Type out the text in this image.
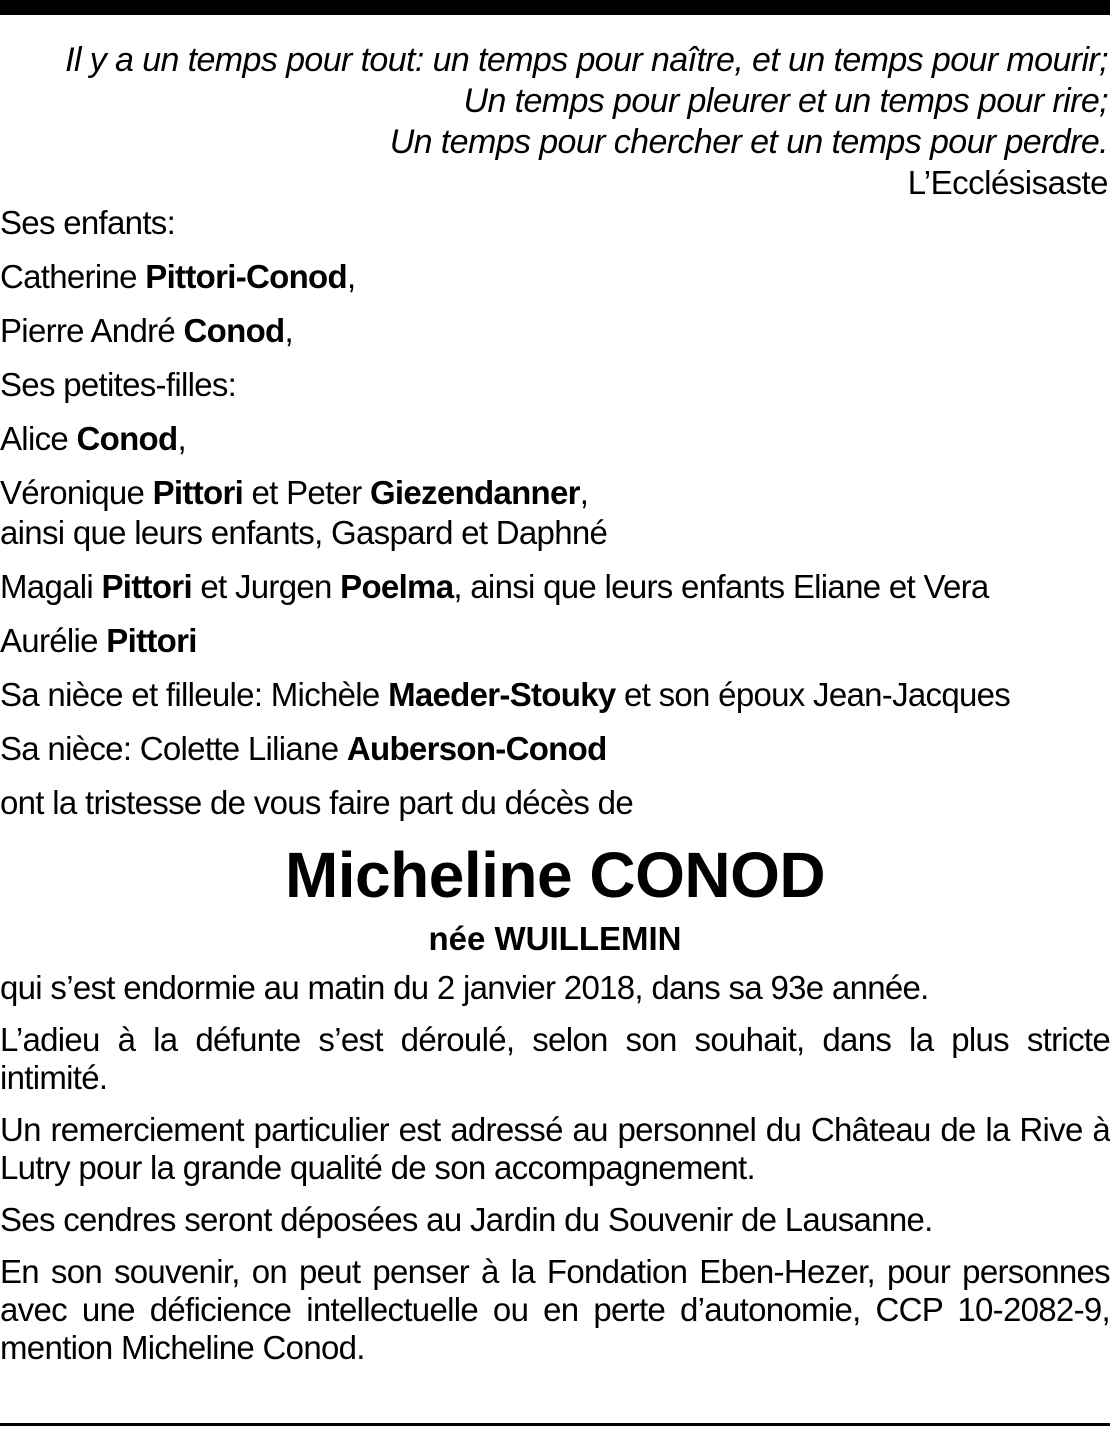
Il y a un temps pour tout: un temps pour naître, et un temps pour mourir;

Un temps pour pleurer et un temps pour rire;

Un temps pour chercher et un temps pour perdre.

L’Ecclésisaste

Ses enfants:
Catherine Pittori-Conod,
Pierre André Conod,
Ses petites-filles:
Alice Conod,
Véronique Pittori et Peter Giezendanner,
ainsi que leurs enfants, Gaspard et Daphné
Magali Pittori et Jurgen Poelma, ainsi que leurs enfants Eliane et Vera
Aurélie Pittori
Sa nièce et filleule: Michèle Maeder-Stouky et son époux Jean-Jacques
Sa nièce: Colette Liliane Auberson-Conod
ont la tristesse de vous faire part du décès de
Micheline CONOD
née WUILLEMIN

qui s’est endormie au matin du 2 janvier 2018, dans sa 93e année.

L’adieu à la défunte s’est déroulé, selon son souhait, dans la plus stricte intimité.

Un remerciement particulier est adressé au personnel du Château de la Rive à Lutry pour la grande qualité de son accompagnement.

Ses cendres seront déposées au Jardin du Souvenir de Lausanne.

En son souvenir, on peut penser à la Fondation Eben-Hezer, pour personnes avec une déficience intellectuelle ou en perte d’autonomie, CCP 10-2082-9, mention Micheline Conod.
